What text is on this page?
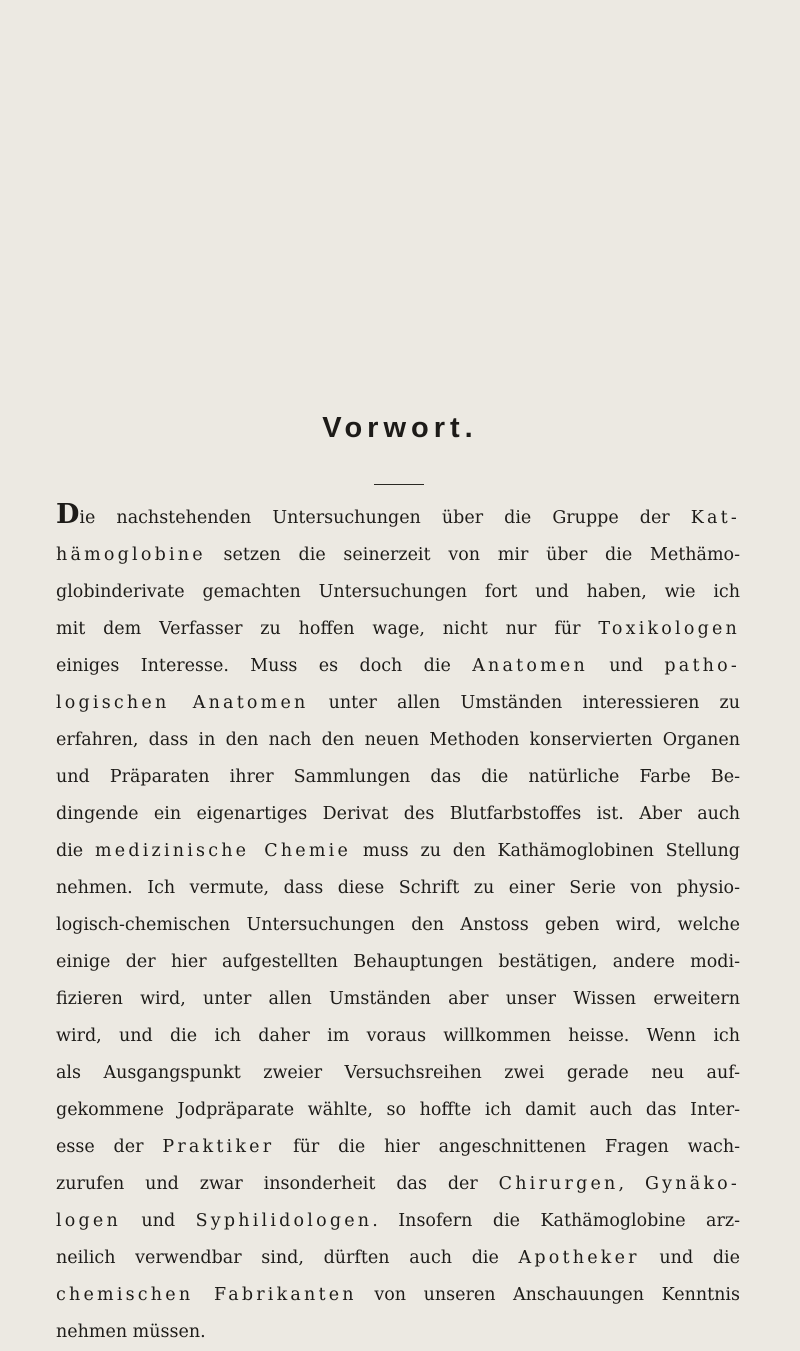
Vorwort.
Die nachstehenden Untersuchungen über die Gruppe der Kat-
hämoglobine setzen die seinerzeit von mir über die Methämo-
globinderivate gemachten Untersuchungen fort und haben, wie ich
mit dem Verfasser zu hoffen wage, nicht nur für Toxikologen
einiges Interesse. Muss es doch die Anatomen und patho-
logischen Anatomen unter allen Umständen interessieren zu
erfahren, dass in den nach den neuen Methoden konservierten Organen
und Präparaten ihrer Sammlungen das die natürliche Farbe Be-
dingende ein eigenartiges Derivat des Blutfarbstoffes ist. Aber auch
die medizinische Chemie muss zu den Kathämoglobinen Stellung
nehmen. Ich vermute, dass diese Schrift zu einer Serie von physio-
logisch-chemischen Untersuchungen den Anstoss geben wird, welche
einige der hier aufgestellten Behauptungen bestätigen, andere modi-
fizieren wird, unter allen Umständen aber unser Wissen erweitern
wird, und die ich daher im voraus willkommen heisse. Wenn ich
als Ausgangspunkt zweier Versuchsreihen zwei gerade neu auf-
gekommene Jodpräparate wählte, so hoffte ich damit auch das Inter-
esse der Praktiker für die hier angeschnittenen Fragen wach-
zurufen und zwar insonderheit das der Chirurgen, Gynäko-
logen und Syphilidologen. Insofern die Kathämoglobine arz-
neilich verwendbar sind, dürften auch die Apotheker und die
chemischen Fabrikanten von unseren Anschauungen Kenntnis
nehmen müssen.
